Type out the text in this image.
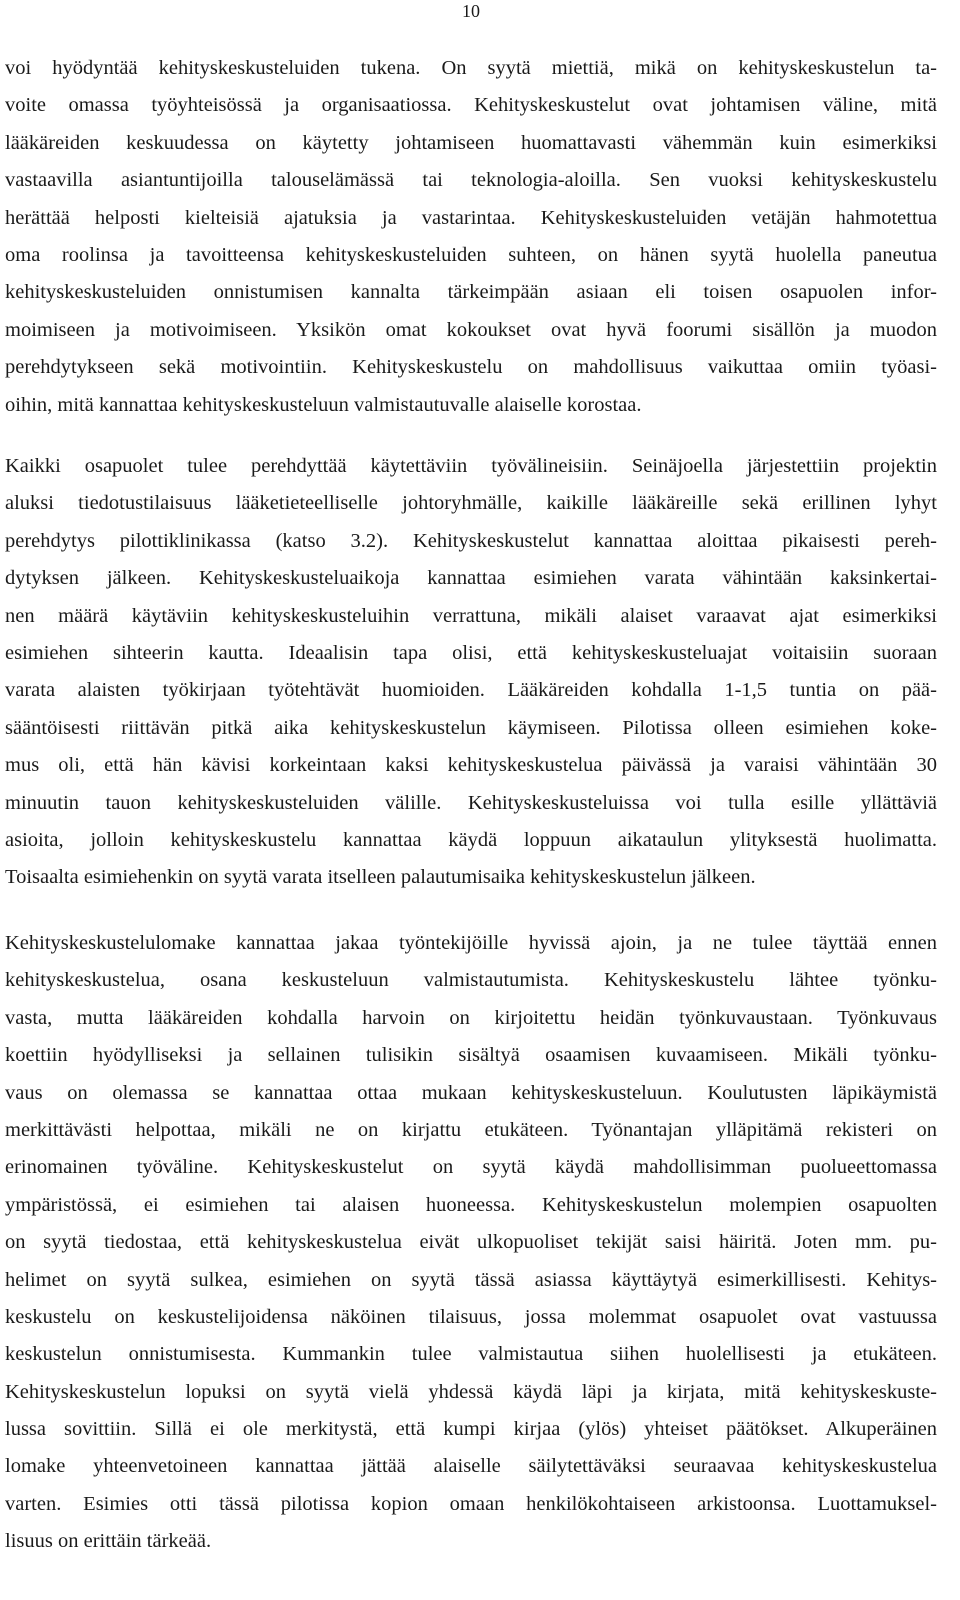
10
voi hyödyntää kehityskeskusteluiden tukena. On syytä miettiä, mikä on kehityskeskustelun ta-
voite omassa työyhteisössä ja organisaatiossa. Kehityskeskustelut ovat johtamisen väline, mitä
lääkäreiden keskuudessa on käytetty johtamiseen huomattavasti vähemmän kuin esimerkiksi
vastaavilla asiantuntijoilla talouselämässä tai teknologia-aloilla. Sen vuoksi kehityskeskustelu
herättää helposti kielteisiä ajatuksia ja vastarintaa. Kehityskeskusteluiden vetäjän hahmotettua
oma roolinsa ja tavoitteensa kehityskeskusteluiden suhteen, on hänen syytä huolella paneutua
kehityskeskusteluiden onnistumisen kannalta tärkeimpään asiaan eli toisen osapuolen infor-
moimiseen ja motivoimiseen. Yksikön omat kokoukset ovat hyvä foorumi sisällön ja muodon
perehdytykseen sekä motivointiin. Kehityskeskustelu on mahdollisuus vaikuttaa omiin työasi-
oihin, mitä kannattaa kehityskeskusteluun valmistautuvalle alaiselle korostaa.
Kaikki osapuolet tulee perehdyttää käytettäviin työvälineisiin. Seinäjoella järjestettiin projektin
aluksi tiedotustilaisuus lääketieteelliselle johtoryhmälle, kaikille lääkäreille sekä erillinen lyhyt
perehdytys pilottiklinikassa (katso 3.2). Kehityskeskustelut kannattaa aloittaa pikaisesti pereh-
dytyksen jälkeen. Kehityskeskusteluaikoja kannattaa esimiehen varata vähintään kaksinkertai-
nen määrä käytäviin kehityskeskusteluihin verrattuna, mikäli alaiset varaavat ajat esimerkiksi
esimiehen sihteerin kautta. Ideaalisin tapa olisi, että kehityskeskusteluajat voitaisiin suoraan
varata alaisten työkirjaan työtehtävät huomioiden. Lääkäreiden kohdalla 1-1,5 tuntia on pää-
sääntöisesti riittävän pitkä aika kehityskeskustelun käymiseen. Pilotissa olleen esimiehen koke-
mus oli, että hän kävisi korkeintaan kaksi kehityskeskustelua päivässä ja varaisi vähintään 30
minuutin tauon kehityskeskusteluiden välille. Kehityskeskusteluissa voi tulla esille yllättäviä
asioita, jolloin kehityskeskustelu kannattaa käydä loppuun aikataulun ylityksestä huolimatta.
Toisaalta esimiehenkin on syytä varata itselleen palautumisaika kehityskeskustelun jälkeen.
Kehityskeskustelulomake kannattaa jakaa työntekijöille hyvissä ajoin, ja ne tulee täyttää ennen
kehityskeskustelua, osana keskusteluun valmistautumista. Kehityskeskustelu lähtee työnku-
vasta, mutta lääkäreiden kohdalla harvoin on kirjoitettu heidän työnkuvaustaan. Työnkuvaus
koettiin hyödylliseksi ja sellainen tulisikin sisältyä osaamisen kuvaamiseen. Mikäli työnku-
vaus on olemassa se kannattaa ottaa mukaan kehityskeskusteluun. Koulutusten läpikäymistä
merkittävästi helpottaa, mikäli ne on kirjattu etukäteen. Työnantajan ylläpitämä rekisteri on
erinomainen työväline. Kehityskeskustelut on syytä käydä mahdollisimman puolueettomassa
ympäristössä, ei esimiehen tai alaisen huoneessa. Kehityskeskustelun molempien osapuolten
on syytä tiedostaa, että kehityskeskustelua eivät ulkopuoliset tekijät saisi häiritä. Joten mm. pu-
helimet on syytä sulkea, esimiehen on syytä tässä asiassa käyttäytyä esimerkillisesti. Kehitys-
keskustelu on keskustelijoidensa näköinen tilaisuus, jossa molemmat osapuolet ovat vastuussa
keskustelun onnistumisesta. Kummankin tulee valmistautua siihen huolellisesti ja etukäteen.
Kehityskeskustelun lopuksi on syytä vielä yhdessä käydä läpi ja kirjata, mitä kehityskeskuste-
lussa sovittiin. Sillä ei ole merkitystä, että kumpi kirjaa (ylös) yhteiset päätökset. Alkuperäinen
lomake yhteenvetoineen kannattaa jättää alaiselle säilytettäväksi seuraavaa kehityskeskustelua
varten. Esimies otti tässä pilotissa kopion omaan henkilökohtaiseen arkistoonsa. Luottamuksel-
lisuus on erittäin tärkeää.
